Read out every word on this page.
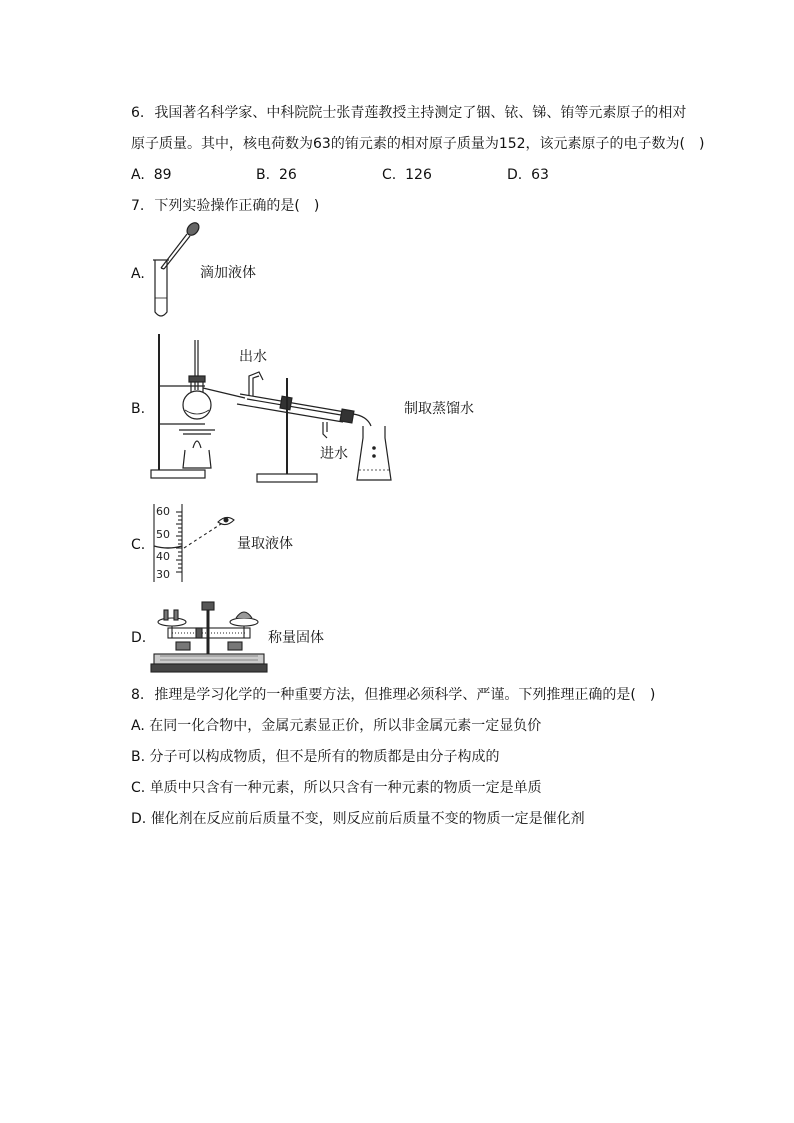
6. 我国著名科学家、中科院院士张青莲教授主持测定了铟、铱、锑、铕等元素原子的相对
原子质量。其中，核电荷数为63的铕元素的相对原子质量为152，该元素原子的电子数为(　)
A. 89	B. 26	C. 126	D. 63
7. 下列实验操作正确的是(　)
A.	滴加液体
B.
出水
进水
制取蒸馏水
C.
60
50
40
30
量取液体
D.	称量固体
8. 推理是学习化学的一种重要方法，但推理必须科学、严谨。下列推理正确的是(　)
A. 在同一化合物中，金属元素显正价，所以非金属元素一定显负价
B. 分子可以构成物质，但不是所有的物质都是由分子构成的
C. 单质中只含有一种元素，所以只含有一种元素的物质一定是单质
D. 催化剂在反应前后质量不变，则反应前后质量不变的物质一定是催化剂
